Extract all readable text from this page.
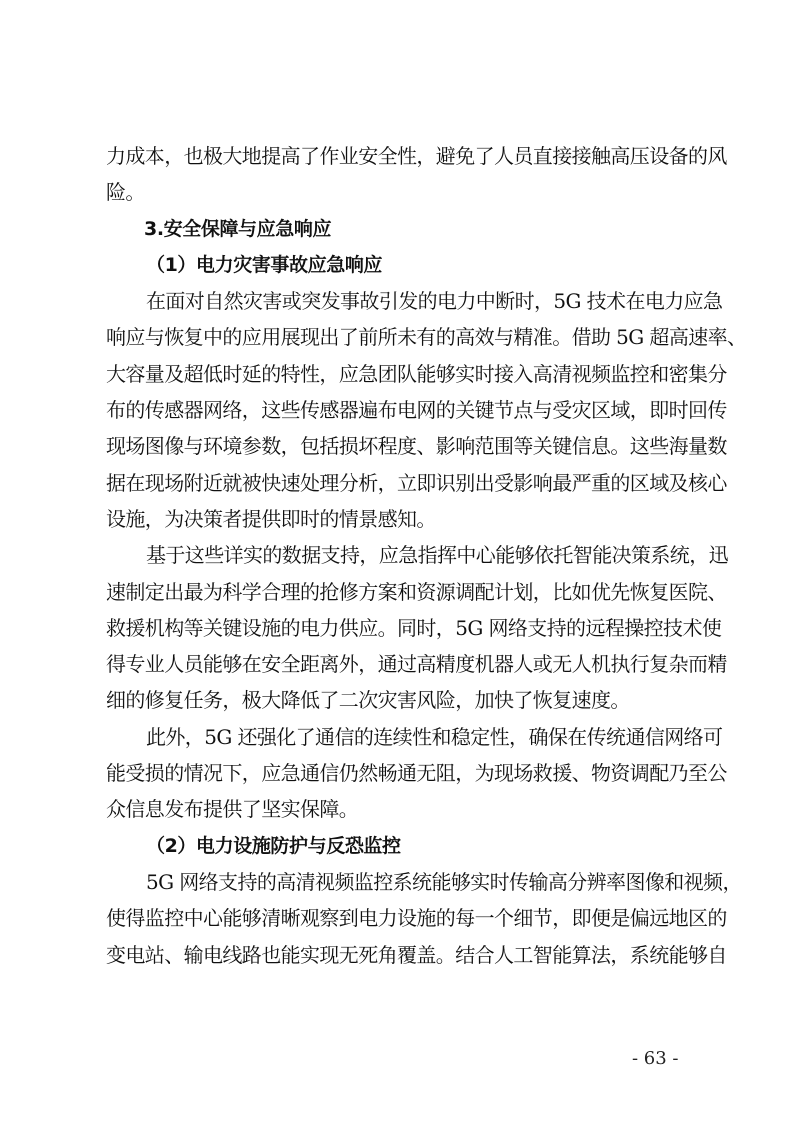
力成本，也极大地提高了作业安全性，避免了人员直接接触高压设备的风
险。
3.安全保障与应急响应
（1）电力灾害事故应急响应
在面对自然灾害或突发事故引发的电力中断时，5G 技术在电力应急
响应与恢复中的应用展现出了前所未有的高效与精准。借助 5G 超高速率、
大容量及超低时延的特性，应急团队能够实时接入高清视频监控和密集分
布的传感器网络，这些传感器遍布电网的关键节点与受灾区域，即时回传
现场图像与环境参数，包括损坏程度、影响范围等关键信息。这些海量数
据在现场附近就被快速处理分析，立即识别出受影响最严重的区域及核心
设施，为决策者提供即时的情景感知。
基于这些详实的数据支持，应急指挥中心能够依托智能决策系统，迅
速制定出最为科学合理的抢修方案和资源调配计划，比如优先恢复医院、
救援机构等关键设施的电力供应。同时，5G 网络支持的远程操控技术使
得专业人员能够在安全距离外，通过高精度机器人或无人机执行复杂而精
细的修复任务，极大降低了二次灾害风险，加快了恢复速度。
此外，5G 还强化了通信的连续性和稳定性，确保在传统通信网络可
能受损的情况下，应急通信仍然畅通无阻，为现场救援、物资调配乃至公
众信息发布提供了坚实保障。
（2）电力设施防护与反恐监控
5G 网络支持的高清视频监控系统能够实时传输高分辨率图像和视频，
使得监控中心能够清晰观察到电力设施的每一个细节，即便是偏远地区的
变电站、输电线路也能实现无死角覆盖。结合人工智能算法，系统能够自
- 63 -
